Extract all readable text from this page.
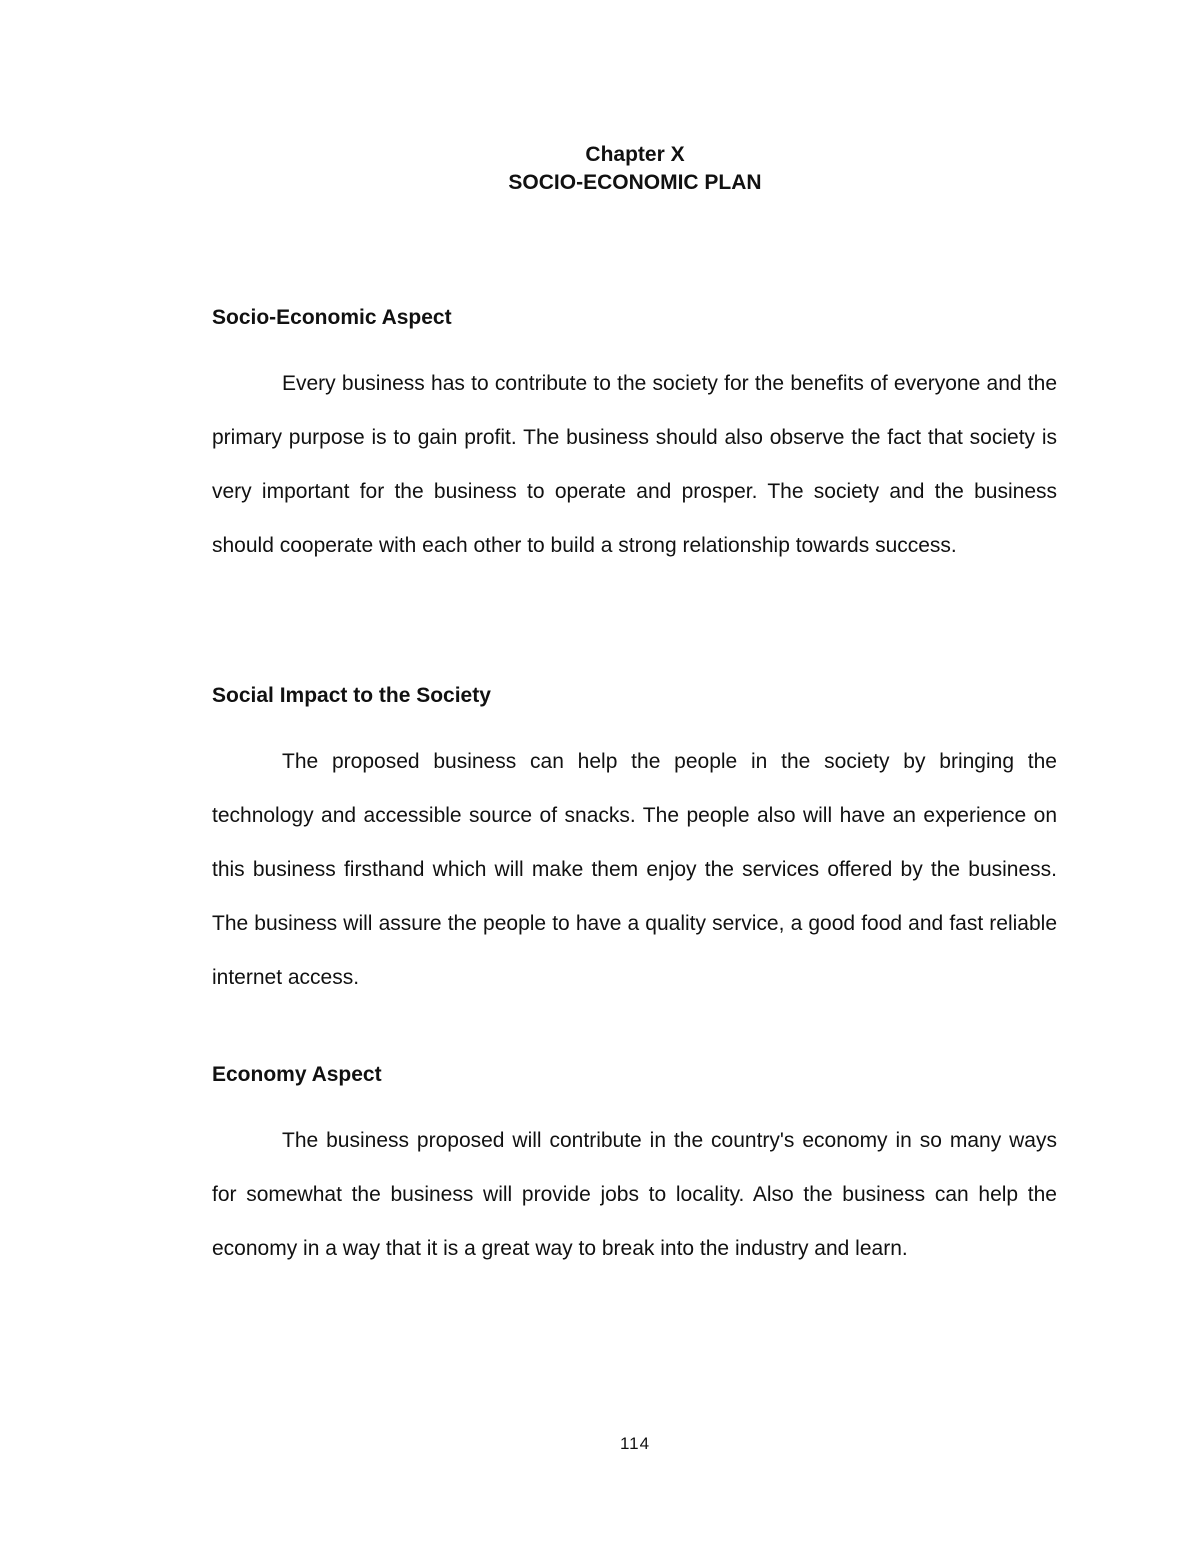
Chapter X
SOCIO-ECONOMIC PLAN

Socio-Economic Aspect

Every business has to contribute to the society for the benefits of everyone and the primary purpose is to gain profit. The business should also observe the fact that society is very important for the business to operate and prosper. The society and the business should cooperate with each other to build a strong relationship towards success.

Social Impact to the Society

The proposed business can help the people in the society by bringing the technology and accessible source of snacks. The people also will have an experience on this business firsthand which will make them enjoy the services offered by the business. The business will assure the people to have a quality service, a good food and fast reliable internet access.

Economy Aspect

The business proposed will contribute in the country's economy in so many ways for somewhat the business will provide jobs to locality. Also the business can help the economy in a way that it is a great way to break into the industry and learn.

114
